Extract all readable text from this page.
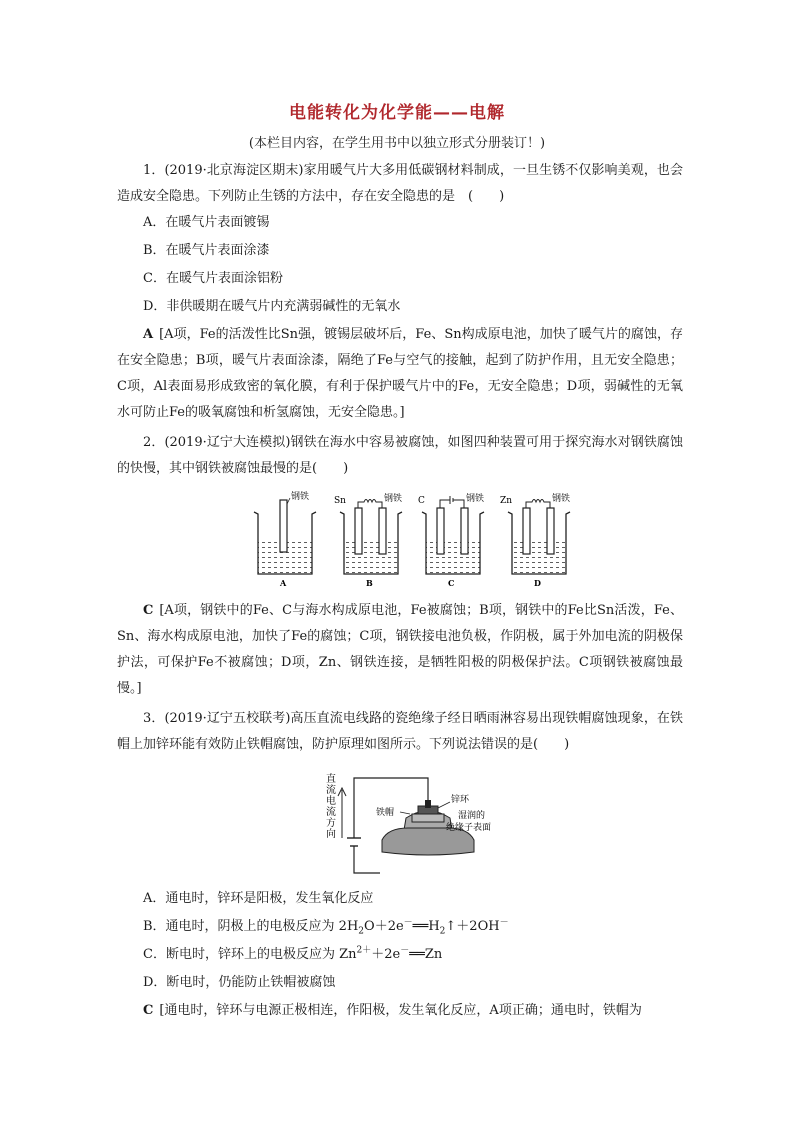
电能转化为化学能——电解
(本栏目内容，在学生用书中以独立形式分册装订！)

1．(2019·北京海淀区期末)家用暖气片大多用低碳钢材料制成，一旦生锈不仅影响美观，也会造成安全隐患。下列防止生锈的方法中，存在安全隐患的是　(　　)

A．在暖气片表面镀锡

B．在暖气片表面涂漆

C．在暖气片表面涂铝粉

D．非供暖期在暖气片内充满弱碱性的无氧水

A [A项，Fe的活泼性比Sn强，镀锡层破坏后，Fe、Sn构成原电池，加快了暖气片的腐蚀，存在安全隐患；B项，暖气片表面涂漆，隔绝了Fe与空气的接触，起到了防护作用，且无安全隐患；C项，Al表面易形成致密的氧化膜，有利于保护暖气片中的Fe，无安全隐患；D项，弱碱性的无氧水可防止Fe的吸氧腐蚀和析氢腐蚀，无安全隐患。]

2．(2019·辽宁大连模拟)钢铁在海水中容易被腐蚀，如图四种装置可用于探究海水对钢铁腐蚀的快慢，其中钢铁被腐蚀最慢的是(　　)

钢铁
A
Sn	钢铁
B
C	钢铁
C
Zn	钢铁
D

C [A项，钢铁中的Fe、C与海水构成原电池，Fe被腐蚀；B项，钢铁中的Fe比Sn活泼，Fe、Sn、海水构成原电池，加快了Fe的腐蚀；C项，钢铁接电池负极，作阴极，属于外加电流的阴极保护法，可保护Fe不被腐蚀；D项，Zn、钢铁连接，是牺牲阳极的阴极保护法。C项钢铁被腐蚀最慢。]

3．(2019·辽宁五校联考)高压直流电线路的瓷绝缘子经日晒雨淋容易出现铁帽腐蚀现象，在铁帽上加锌环能有效防止铁帽腐蚀，防护原理如图所示。下列说法错误的是(　　)

直流电流方向
铁帽
锌环
湿润的
绝缘子表面

A．通电时，锌环是阳极，发生氧化反应

B．通电时，阴极上的电极反应为 $2H_2O+2e^-══H_2↑+2OH^-$

C．断电时，锌环上的电极反应为 $Zn^{2+}+2e^-══Zn$

D．断电时，仍能防止铁帽被腐蚀

C [通电时，锌环与电源正极相连，作阳极，发生氧化反应，A项正确；通电时，铁帽为
